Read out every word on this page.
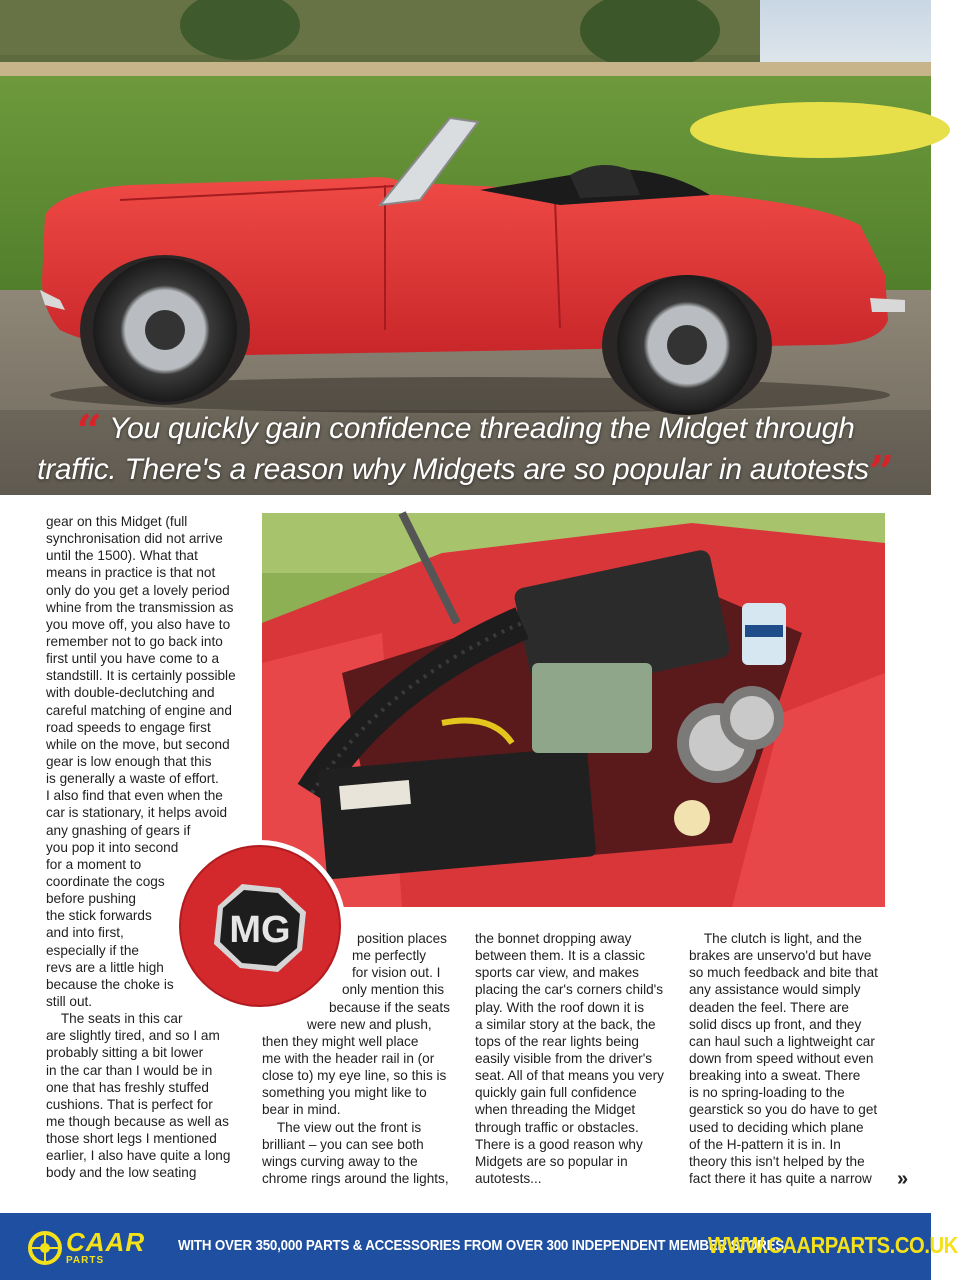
“ You quickly gain confidence threading the Midget through
traffic. There's a reason why Midgets are so popular in autotests”
gear on this Midget (full
synchronisation did not arrive
until the 1500). What that
means in practice is that not
only do you get a lovely period
whine from the transmission as
you move off, you also have to
remember not to go back into
first until you have come to a
standstill. It is certainly possible
with double-declutching and
careful matching of engine and
road speeds to engage first
while on the move, but second
gear is low enough that this
is generally a waste of effort.
I also find that even when the
car is stationary, it helps avoid
any gnashing of gears if
you pop it into second
for a moment to
coordinate the cogs
before pushing
the stick forwards
and into first,
especially if the
revs are a little high
because the choke is
still out.
The seats in this car
are slightly tired, and so I am
probably sitting a bit lower
in the car than I would be in
one that has freshly stuffed
cushions. That is perfect for
me though because as well as
those short legs I mentioned
earlier, I also have quite a long
body and the low seating
position places
me perfectly
for vision out. I
only mention this
because if the seats
were new and plush,
then they might well place
me with the header rail in (or
close to) my eye line, so this is
something you might like to
bear in mind.
The view out the front is
brilliant – you can see both
wings curving away to the
chrome rings around the lights,
the bonnet dropping away
between them. It is a classic
sports car view, and makes
placing the car's corners child's
play. With the roof down it is
a similar story at the back, the
tops of the rear lights being
easily visible from the driver's
seat. All of that means you very
quickly gain full confidence
when threading the Midget
through traffic or obstacles.
There is a good reason why
Midgets are so popular in
autotests...
The clutch is light, and the
brakes are unservo'd but have
so much feedback and bite that
any assistance would simply
deaden the feel. There are
solid discs up front, and they
can haul such a lightweight car
down from speed without even
breaking into a sweat. There
is no spring-loading to the
gearstick so you do have to get
used to deciding which plane
of the H-pattern it is in. In
theory this isn't helped by the
fact there it has quite a narrow
MG
»
CAAR
PARTS
WITH OVER 350,000 PARTS & ACCESSORIES FROM OVER 300 INDEPENDENT MEMBER STORES
WWW.CAARPARTS.CO.UK
